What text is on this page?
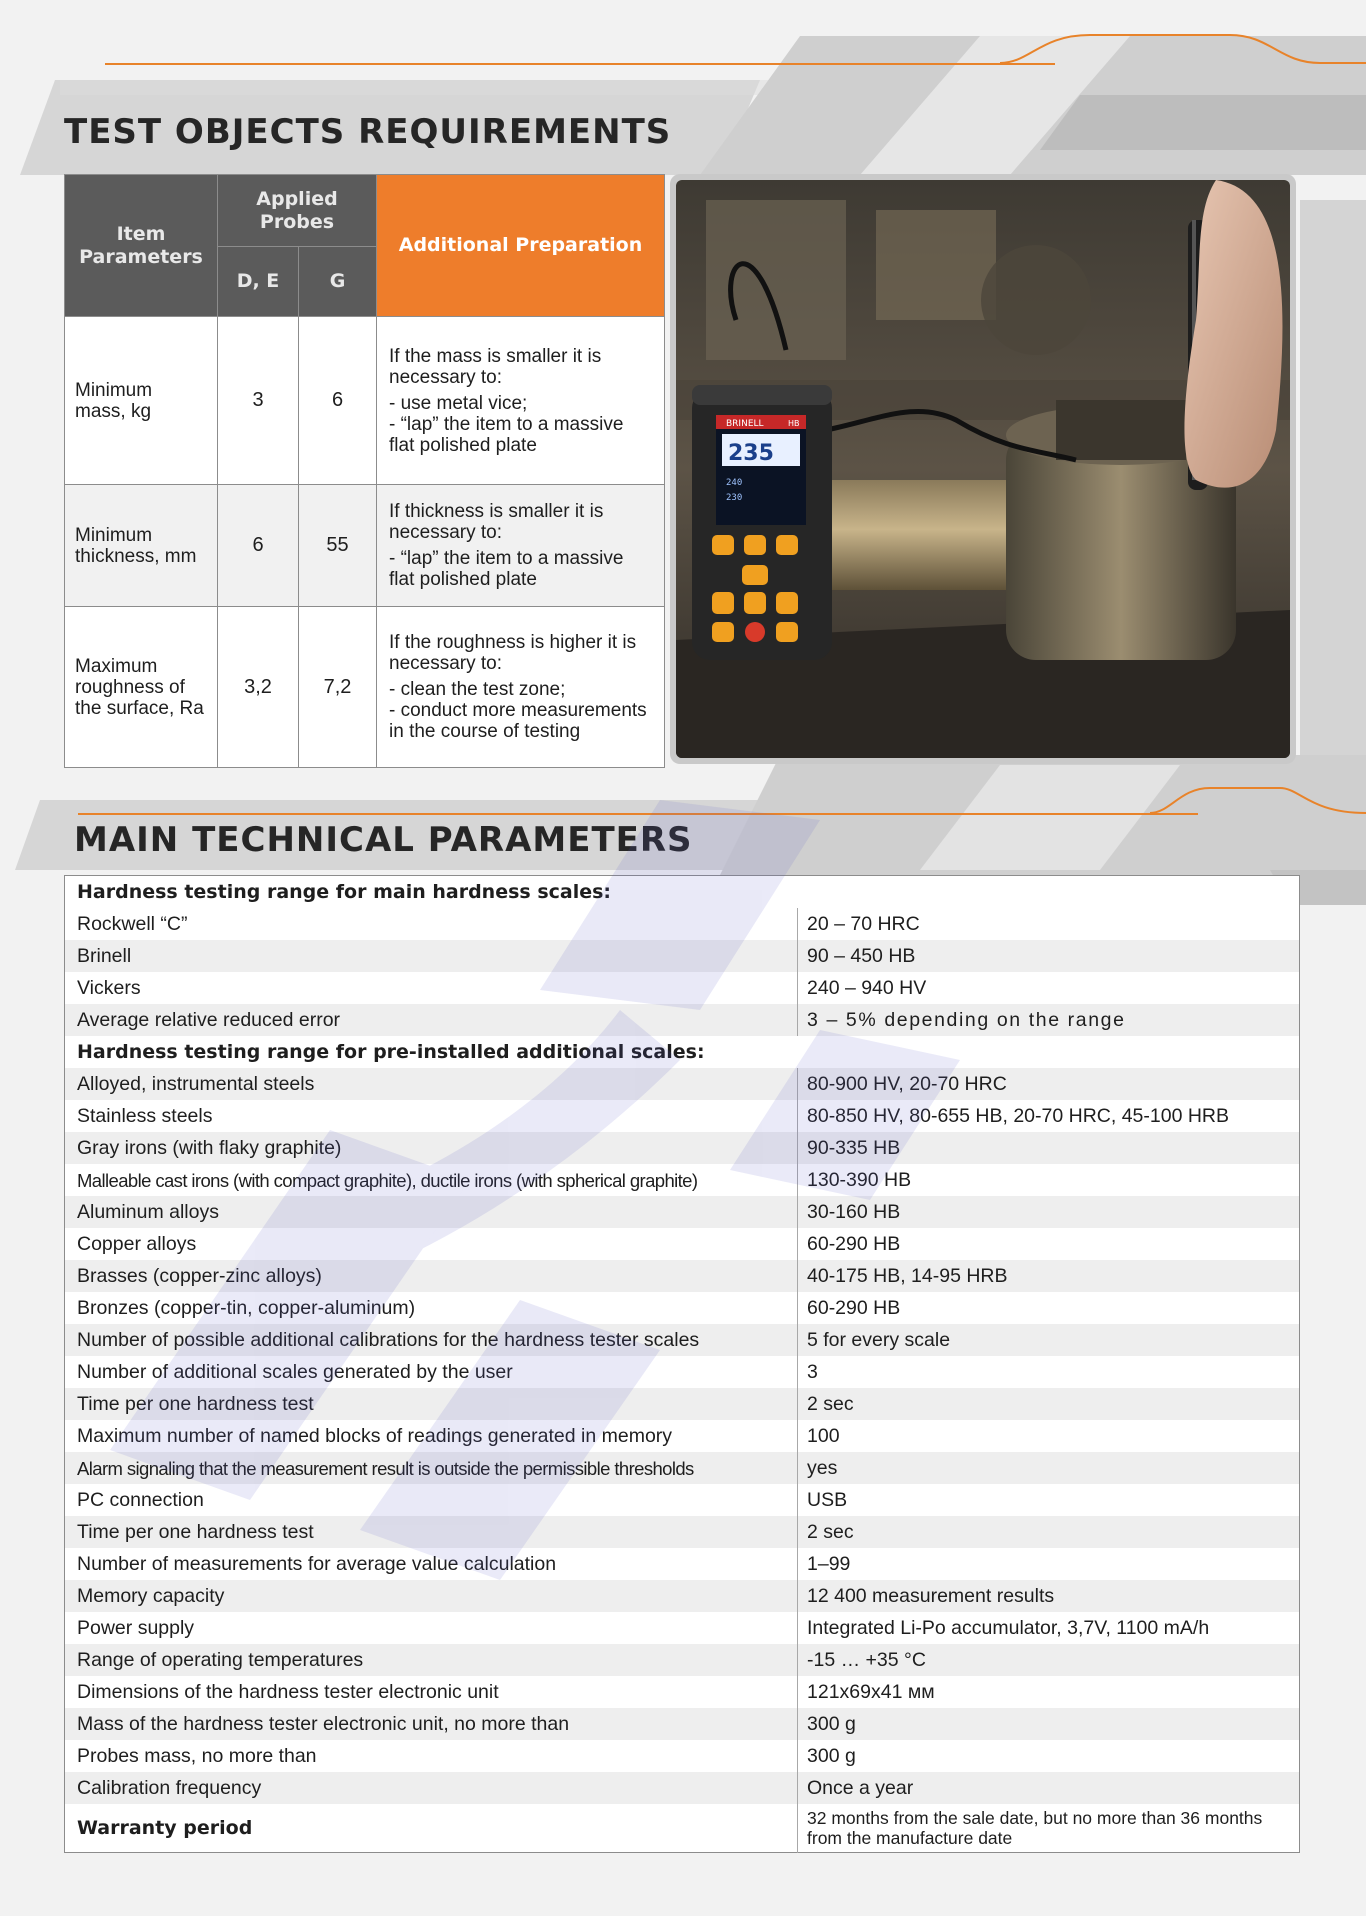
TEST OBJECTS REQUIREMENTS
Item Parameters	Applied Probes		Additional Preparation
	D, E	G	
Minimum mass, kg	3	6	If the mass is smaller it is necessary to:
- use metal vice;
- “lap” the item to a massive flat polished plate

Minimum thickness, mm	6	55	If thickness is smaller it is necessary to:
- “lap” the item to a massive flat polished plate

Maximum roughness of the surface, Ra	3,2	7,2	If the roughness is higher it is necessary to:
- clean the test zone;
- conduct more measurements in the course of testing
BRINELL	HB
235
240
230
MAIN TECHNICAL PARAMETERS
Hardness testing range for main hardness scales:	
Rockwell “C”	20 – 70 HRC
Brinell	90 – 450 HB
Vickers	240 – 940 HV
Average relative reduced error	3 – 5% depending on the range
Hardness testing range for pre-installed additional scales:	
Alloyed, instrumental steels	80-900 HV, 20-70 HRC
Stainless steels	80-850 HV, 80-655 HB, 20-70 HRC, 45-100 HRB
Gray irons (with flaky graphite)	90-335 HB
Malleable cast irons (with compact graphite), ductile irons (with spherical graphite)	130-390 HB
Aluminum alloys	30-160 HB
Copper alloys	60-290 HB
Brasses (copper-zinc alloys)	40-175 HB, 14-95 HRB
Bronzes (copper-tin, copper-aluminum)	60-290 HB
Number of possible additional calibrations for the hardness tester scales	5 for every scale
Number of additional scales generated by the user	3
Time per one hardness test	2 sec
Maximum number of named blocks of readings generated in memory	100
Alarm signaling that the measurement result is outside the permissible thresholds	yes
PC connection	USB
Time per one hardness test	2 sec
Number of measurements for average value calculation	1–99
Memory capacity	12 400 measurement results
Power supply	Integrated Li-Po accumulator, 3,7V, 1100 mA/h
Range of operating temperatures	-15 … +35 °C
Dimensions of the hardness tester electronic unit	121x69x41 мм
Mass of the hardness tester electronic unit, no more than	300 g
Probes mass, no more than	300 g
Calibration frequency	Once a year
Warranty period	32 months from the sale date, but no more than 36 months from the manufacture date
